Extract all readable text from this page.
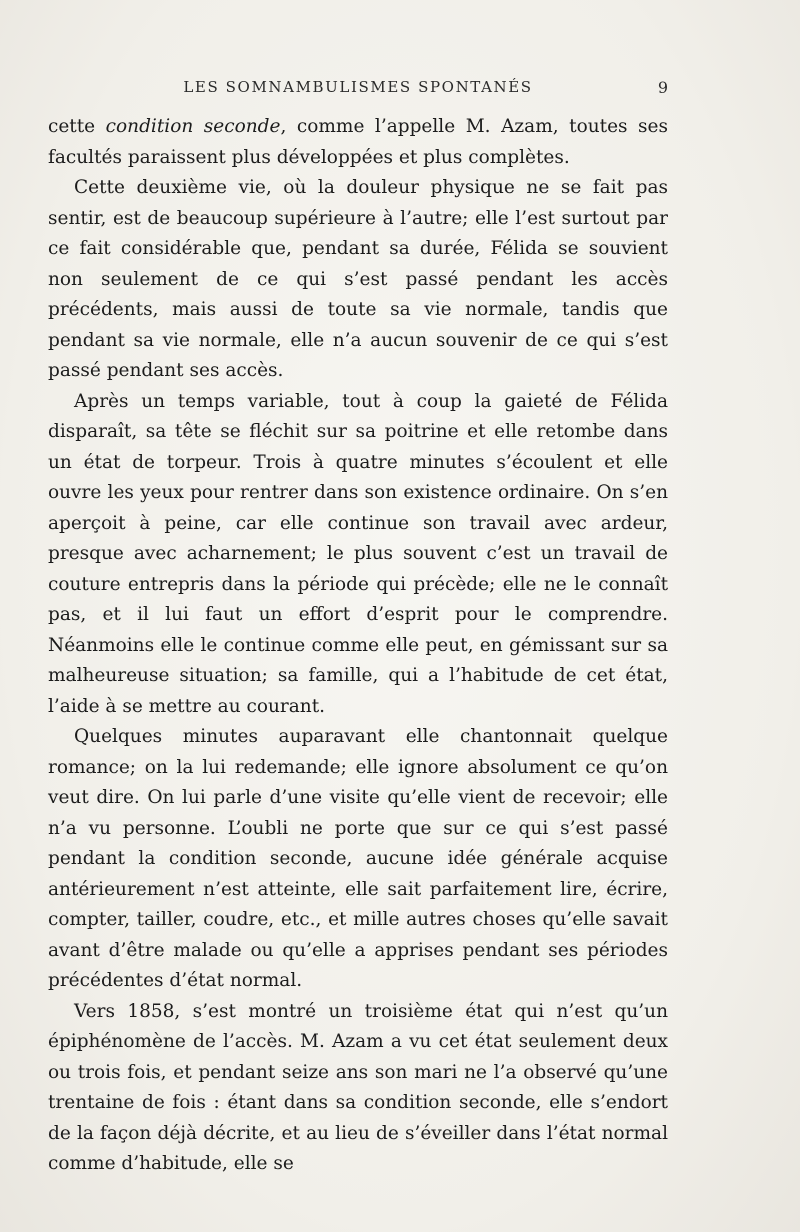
LES SOMNAMBULISMES SPONTANÉS	9

cette condition seconde, comme l’appelle M. Azam, toutes ses facultés paraissent plus développées et plus complètes.

Cette deuxième vie, où la douleur physique ne se fait pas sentir, est de beaucoup supérieure à l’autre; elle l’est surtout par ce fait considérable que, pendant sa durée, Félida se souvient non seulement de ce qui s’est passé pendant les accès précédents, mais aussi de toute sa vie normale, tandis que pendant sa vie normale, elle n’a aucun souvenir de ce qui s’est passé pendant ses accès.

Après un temps variable, tout à coup la gaieté de Félida disparaît, sa tête se fléchit sur sa poitrine et elle retombe dans un état de torpeur. Trois à quatre minutes s’écoulent et elle ouvre les yeux pour rentrer dans son existence ordinaire. On s’en aperçoit à peine, car elle continue son travail avec ardeur, presque avec acharnement; le plus souvent c’est un travail de couture entrepris dans la période qui précède; elle ne le connaît pas, et il lui faut un effort d’esprit pour le comprendre. Néanmoins elle le continue comme elle peut, en gémissant sur sa malheureuse situation; sa famille, qui a l’habitude de cet état, l’aide à se mettre au courant.

Quelques minutes auparavant elle chantonnait quelque romance; on la lui redemande; elle ignore absolument ce qu’on veut dire. On lui parle d’une visite qu’elle vient de recevoir; elle n’a vu personne. L’oubli ne porte que sur ce qui s’est passé pendant la condition seconde, aucune idée générale acquise antérieurement n’est atteinte, elle sait parfaitement lire, écrire, compter, tailler, coudre, etc., et mille autres choses qu’elle savait avant d’être malade ou qu’elle a apprises pendant ses périodes précédentes d’état normal.

Vers 1858, s’est montré un troisième état qui n’est qu’un épiphénomène de l’accès. M. Azam a vu cet état seulement deux ou trois fois, et pendant seize ans son mari ne l’a observé qu’une trentaine de fois : étant dans sa condition seconde, elle s’endort de la façon déjà décrite, et au lieu de s’éveiller dans l’état normal comme d’habitude, elle se
